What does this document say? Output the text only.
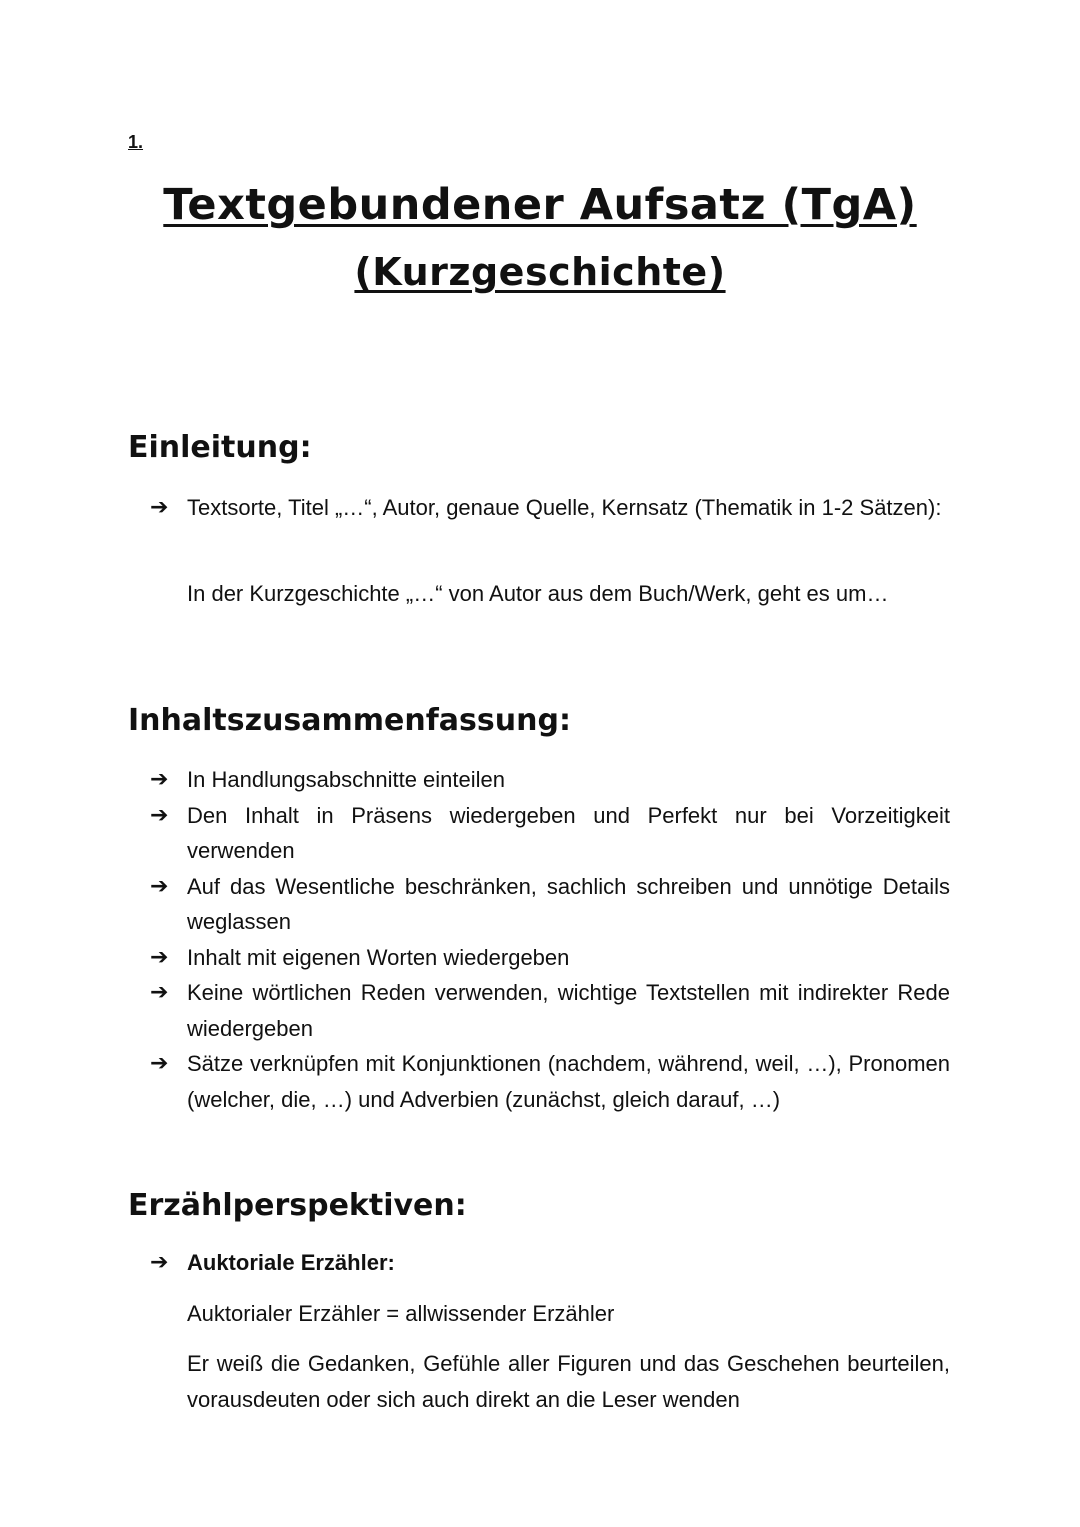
1.
Textgebundener Aufsatz (TgA)
(Kurzgeschichte)
Einleitung:
➔ Textsorte, Titel „…“, Autor, genaue Quelle, Kernsatz (Thematik in 1-2 Sätzen):

In der Kurzgeschichte „…“ von Autor aus dem Buch/Werk, geht es um…

Inhaltszusammenfassung:
➔ In Handlungsabschnitte einteilen
➔ Den Inhalt in Präsens wiedergeben und Perfekt nur bei Vorzeitigkeit verwenden
➔ Auf das Wesentliche beschränken, sachlich schreiben und unnötige Details weglassen
➔ Inhalt mit eigenen Worten wiedergeben
➔ Keine wörtlichen Reden verwenden, wichtige Textstellen mit indirekter Rede wiedergeben
➔ Sätze verknüpfen mit Konjunktionen (nachdem, während, weil, …), Pronomen (welcher, die, …) und Adverbien (zunächst, gleich darauf, …)
Erzählperspektiven:
➔ Auktoriale Erzähler:

Auktorialer Erzähler = allwissender Erzähler

Er weiß die Gedanken, Gefühle aller Figuren und das Geschehen beurteilen, vorausdeuten oder sich auch direkt an die Leser wenden
